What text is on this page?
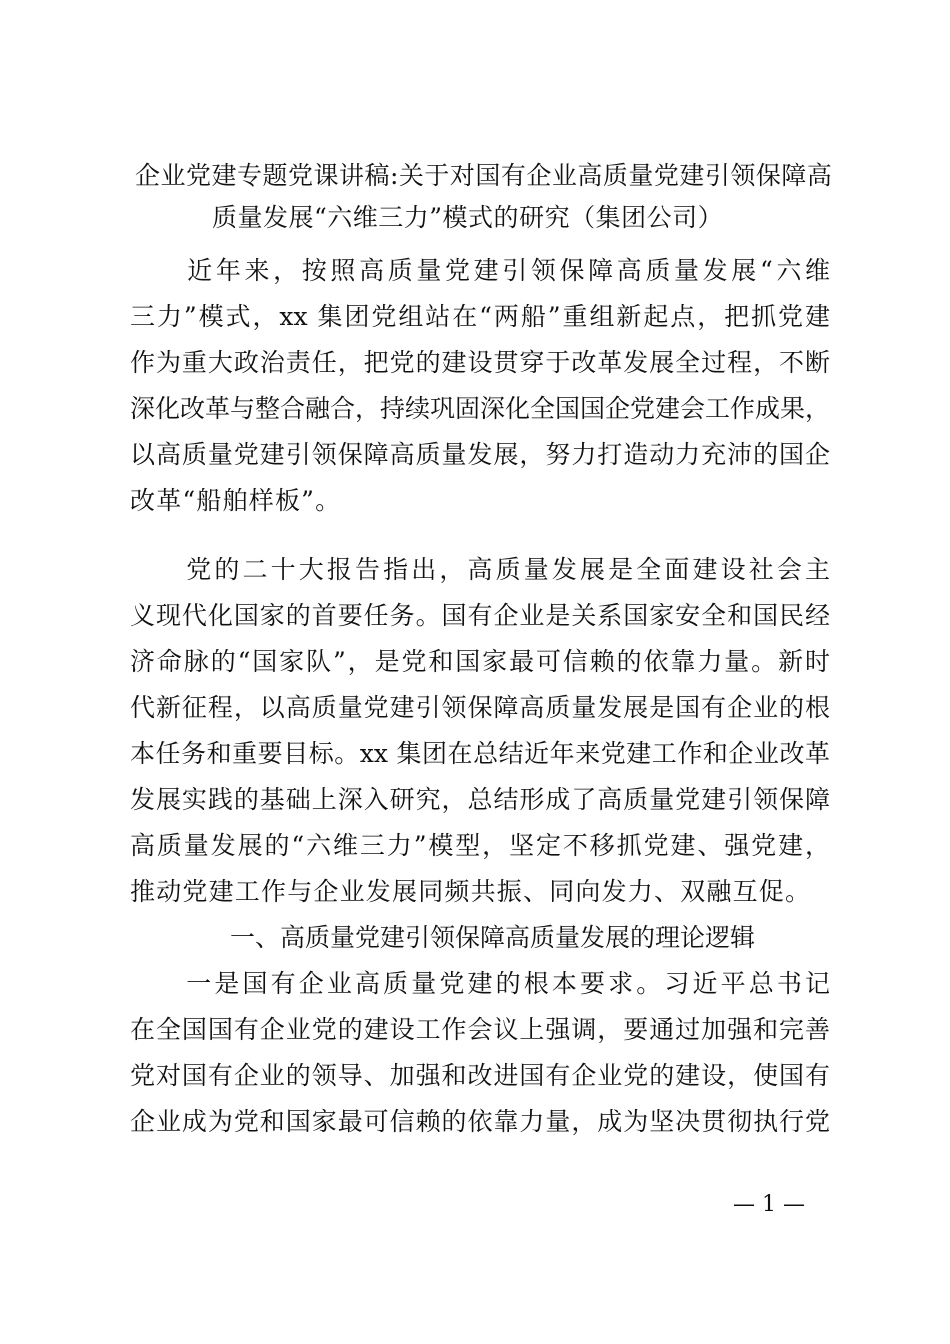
企业党建专题党课讲稿:关于对国有企业高质量党建引领保障高
质量发展“六维三力”模式的研究（集团公司）
　　近年来，按照高质量党建引领保障高质量发展“六维
三力”模式，xx 集团党组站在“两船”重组新起点，把抓党建
作为重大政治责任，把党的建设贯穿于改革发展全过程，不断
深化改革与整合融合，持续巩固深化全国国企党建会工作成果，
以高质量党建引领保障高质量发展，努力打造动力充沛的国企
改革“船舶样板”。
　　党的二十大报告指出，高质量发展是全面建设社会主
义现代化国家的首要任务。国有企业是关系国家安全和国民经
济命脉的“国家队”，是党和国家最可信赖的依靠力量。新时
代新征程，以高质量党建引领保障高质量发展是国有企业的根
本任务和重要目标。xx 集团在总结近年来党建工作和企业改革
发展实践的基础上深入研究，总结形成了高质量党建引领保障
高质量发展的“六维三力”模型，坚定不移抓党建、强党建，
推动党建工作与企业发展同频共振、同向发力、双融互促。
一、高质量党建引领保障高质量发展的理论逻辑
　　一是国有企业高质量党建的根本要求。习近平总书记
在全国国有企业党的建设工作会议上强调，要通过加强和完善
党对国有企业的领导、加强和改进国有企业党的建设，使国有
企业成为党和国家最可信赖的依靠力量，成为坚决贯彻执行党
— 1 —
